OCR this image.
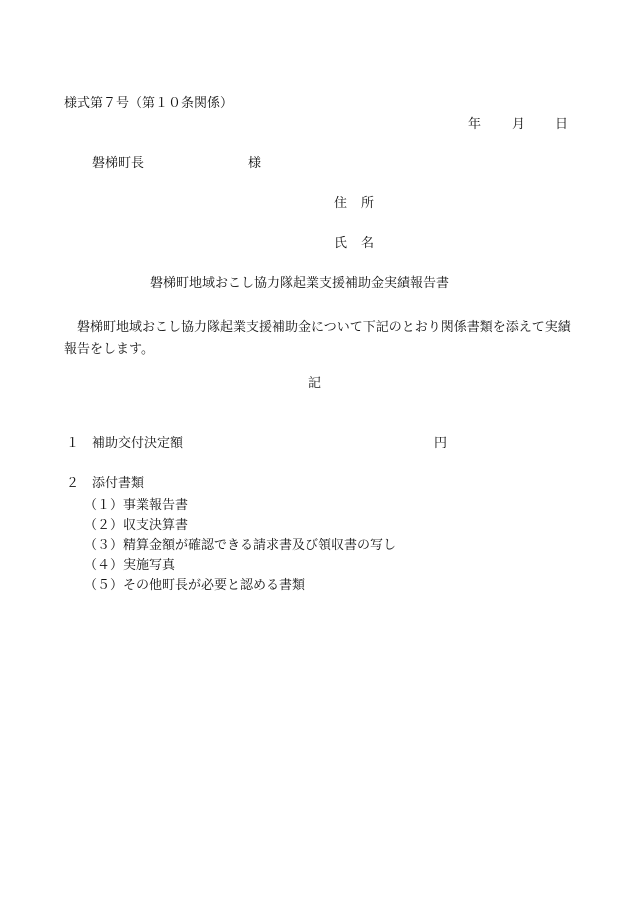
様式第７号（第１０条関係）
年 月 日
磐梯町長	様
住所
氏名
磐梯町地域おこし協力隊起業支援補助金実績報告書
磐梯町地域おこし協力隊起業支援補助金について下記のとおり関係書類を添えて実績報告をします。
記
１ 補助交付決定額	円
２ 添付書類
（１）事業報告書
（２）収支決算書
（３）精算金額が確認できる請求書及び領収書の写し
（４）実施写真
（５）その他町長が必要と認める書類
